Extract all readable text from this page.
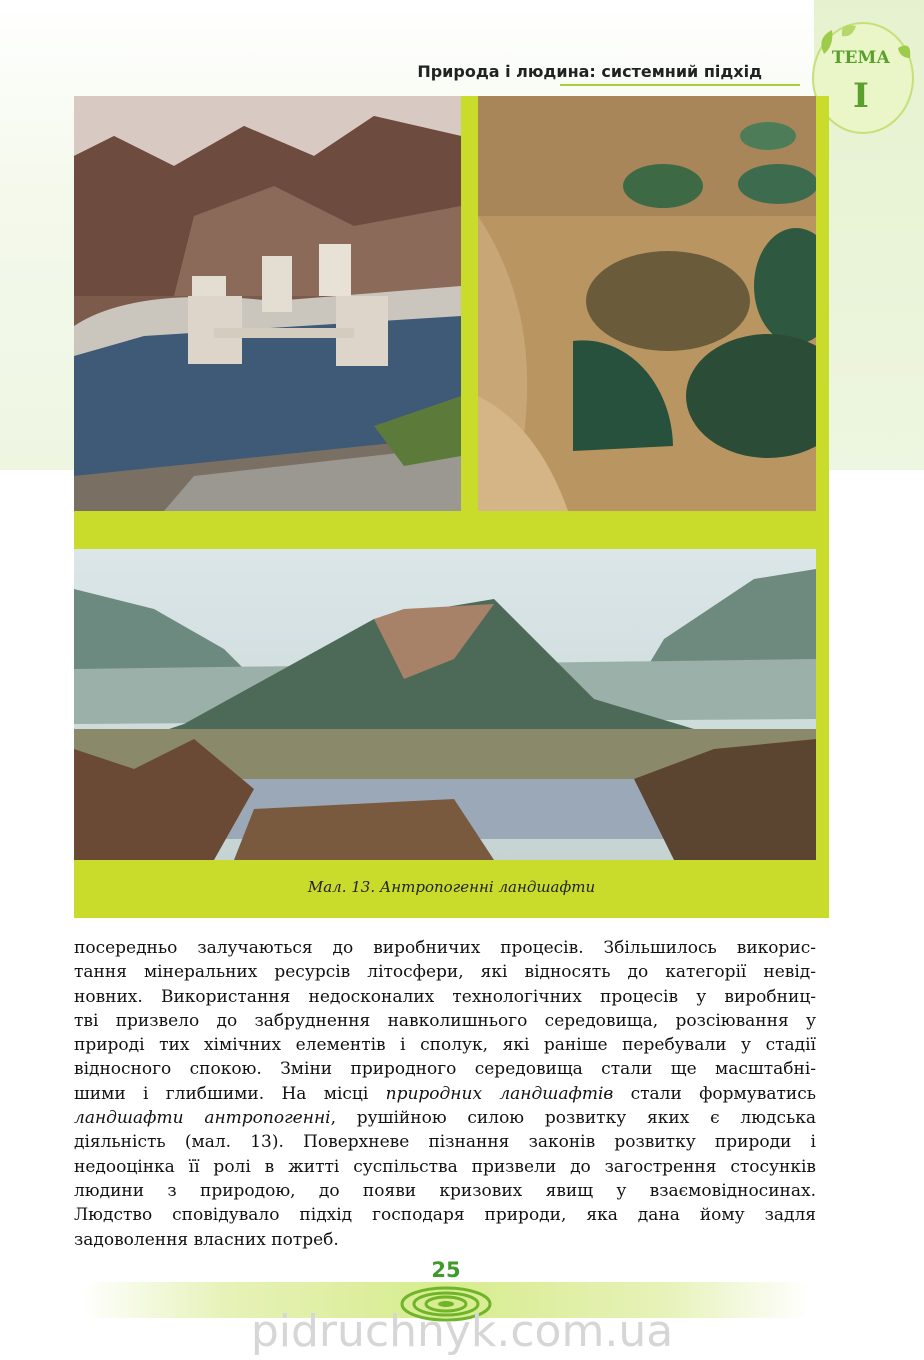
Природа і людина: системний підхід
ТЕМА
I
Мал. 13. Антропогенні ландшафти
посередньо залучаються до виробничих процесів. Збільшилось викорис-
тання мінеральних ресурсів літосфери, які відносять до категорії невід-
новних. Використання недосконалих технологічних процесів у виробниц-
тві призвело до забруднення навколишнього середовища, розсіювання у
природі тих хімічних елементів і сполук, які раніше перебували у стадії
відносного спокою. Зміни природного середовища стали ще масштабні-
шими і глибшими. На місці природних ландшафтів стали формуватись
ландшафти антропогенні, рушійною силою розвитку яких є людська
діяльність (мал. 13). Поверхневе пізнання законів розвитку природи і
недооцінка її ролі в житті суспільства призвели до загострення стосунків
людини з природою, до появи кризових явищ у взаємовідносинах.
Людство сповідувало підхід господаря природи, яка дана йому задля
задоволення власних потреб.
25
pidruchnyk.com.ua
